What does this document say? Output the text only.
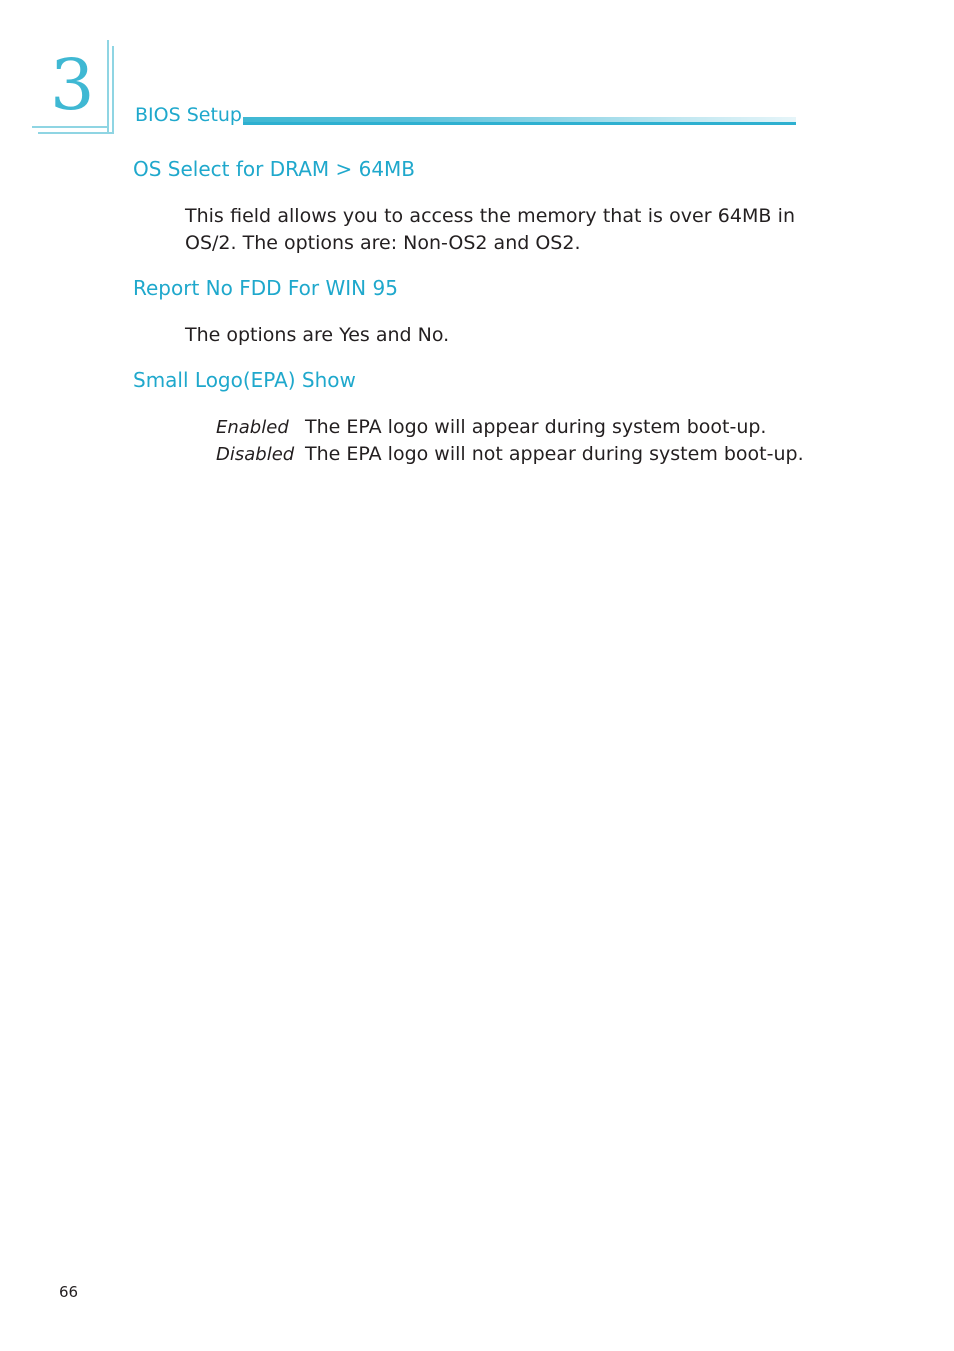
3 BIOS Setup
OS Select for DRAM > 64MB

This field allows you to access the memory that is over 64MB in OS/2. The options are: Non-OS2 and OS2.

Report No FDD For WIN 95

The options are Yes and No.

Small Logo(EPA) Show
Enabled The EPA logo will appear during system boot-up.
Disabled The EPA logo will not appear during system boot-up.
66
